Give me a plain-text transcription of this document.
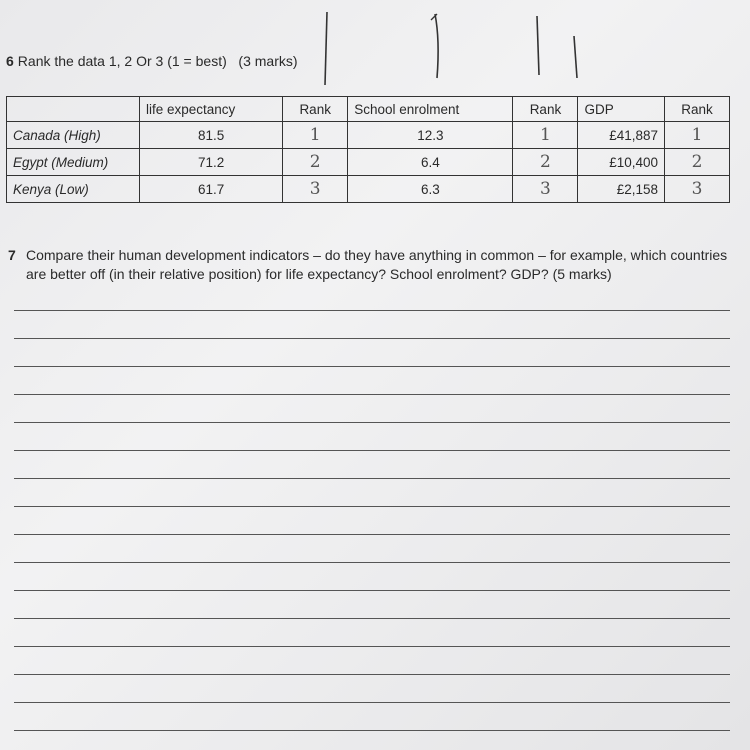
6 Rank the data 1, 2 Or 3 (1 = best) (3 marks)
	life expectancy	Rank	School enrolment	Rank	GDP	Rank
Canada (High)	81.5	1	12.3	1	£41,887	1
Egypt (Medium)	71.2	2	6.4	2	£10,400	2
Kenya (Low)	61.7	3	6.3	3	£2,158	3
7 Compare their human development indicators – do they have anything in common – for example, which countries are better off (in their relative position) for life expectancy? School enrolment? GDP? (5 marks)
